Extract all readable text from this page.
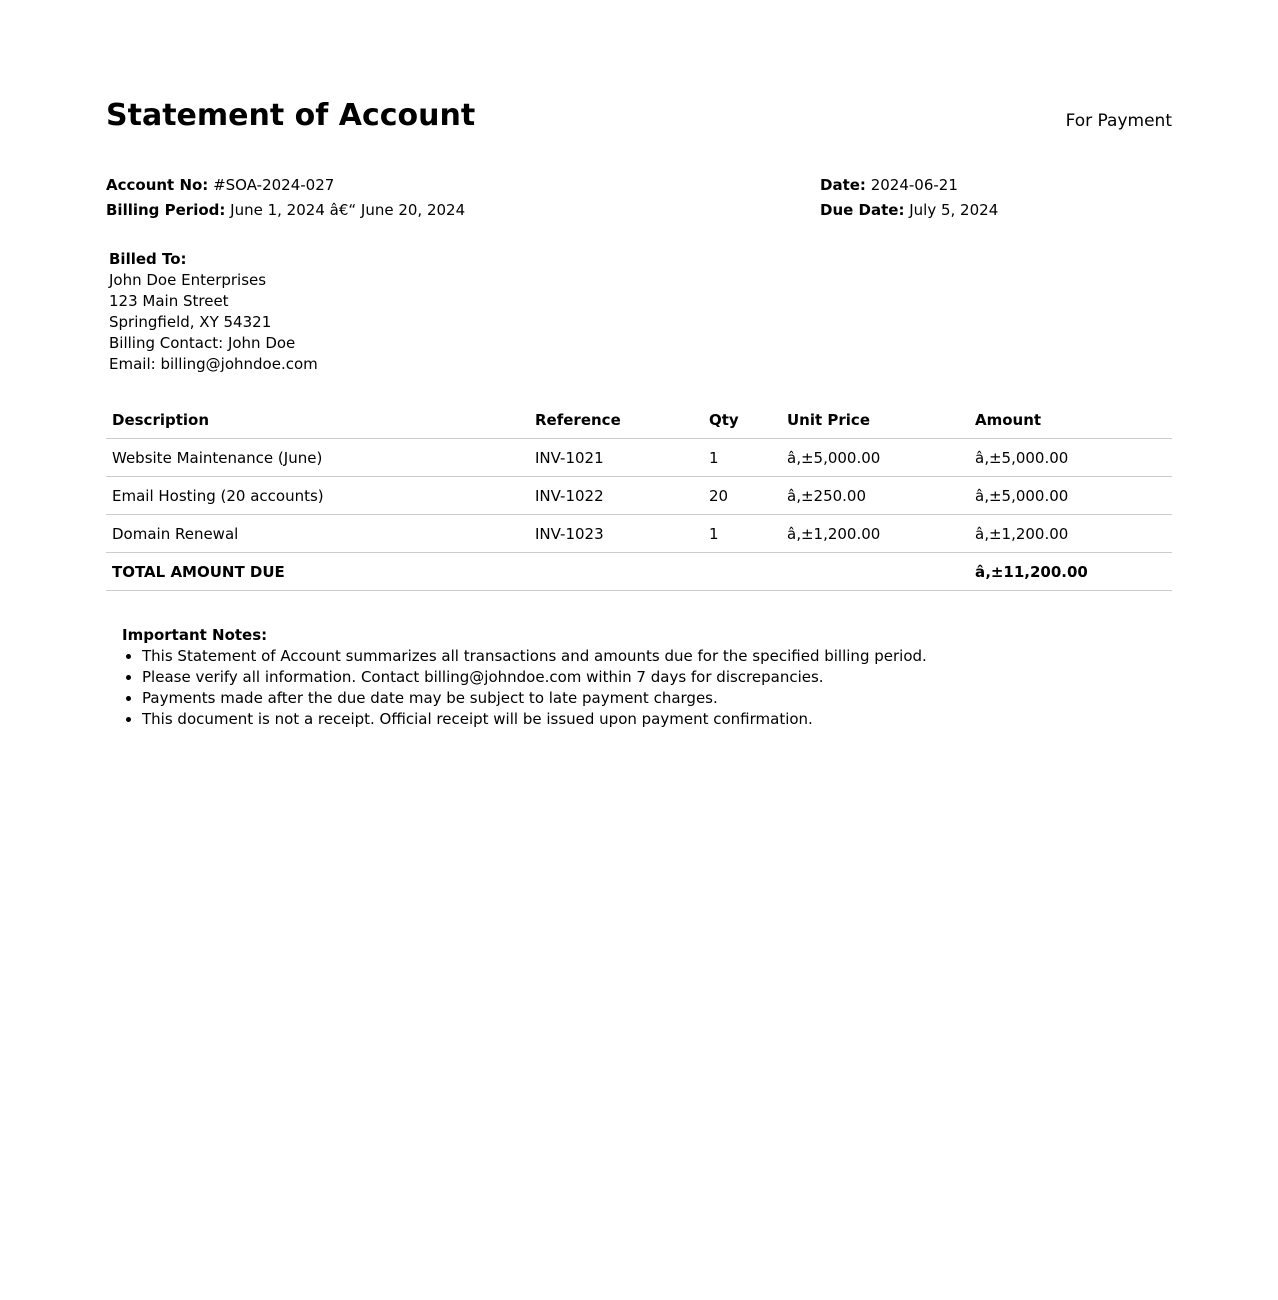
Statement of Account	For Payment
Account No: #SOA-2024-027
Billing Period: June 1, 2024 â€“ June 20, 2024
Date: 2024-06-21
Due Date: July 5, 2024
Billed To:
John Doe Enterprises
123 Main Street
Springfield, XY 54321
Billing Contact: John Doe
Email: billing@johndoe.com
Description	Reference	Qty	Unit Price	Amount
Website Maintenance (June)	INV-1021	1	â‚±5,000.00	â‚±5,000.00
Email Hosting (20 accounts)	INV-1022	20	â‚±250.00	â‚±5,000.00
Domain Renewal	INV-1023	1	â‚±1,200.00	â‚±1,200.00
TOTAL AMOUNT DUE				â‚±11,200.00
Important Notes:
• This Statement of Account summarizes all transactions and amounts due for the specified billing period.
• Please verify all information. Contact billing@johndoe.com within 7 days for discrepancies.
• Payments made after the due date may be subject to late payment charges.
• This document is not a receipt. Official receipt will be issued upon payment confirmation.
